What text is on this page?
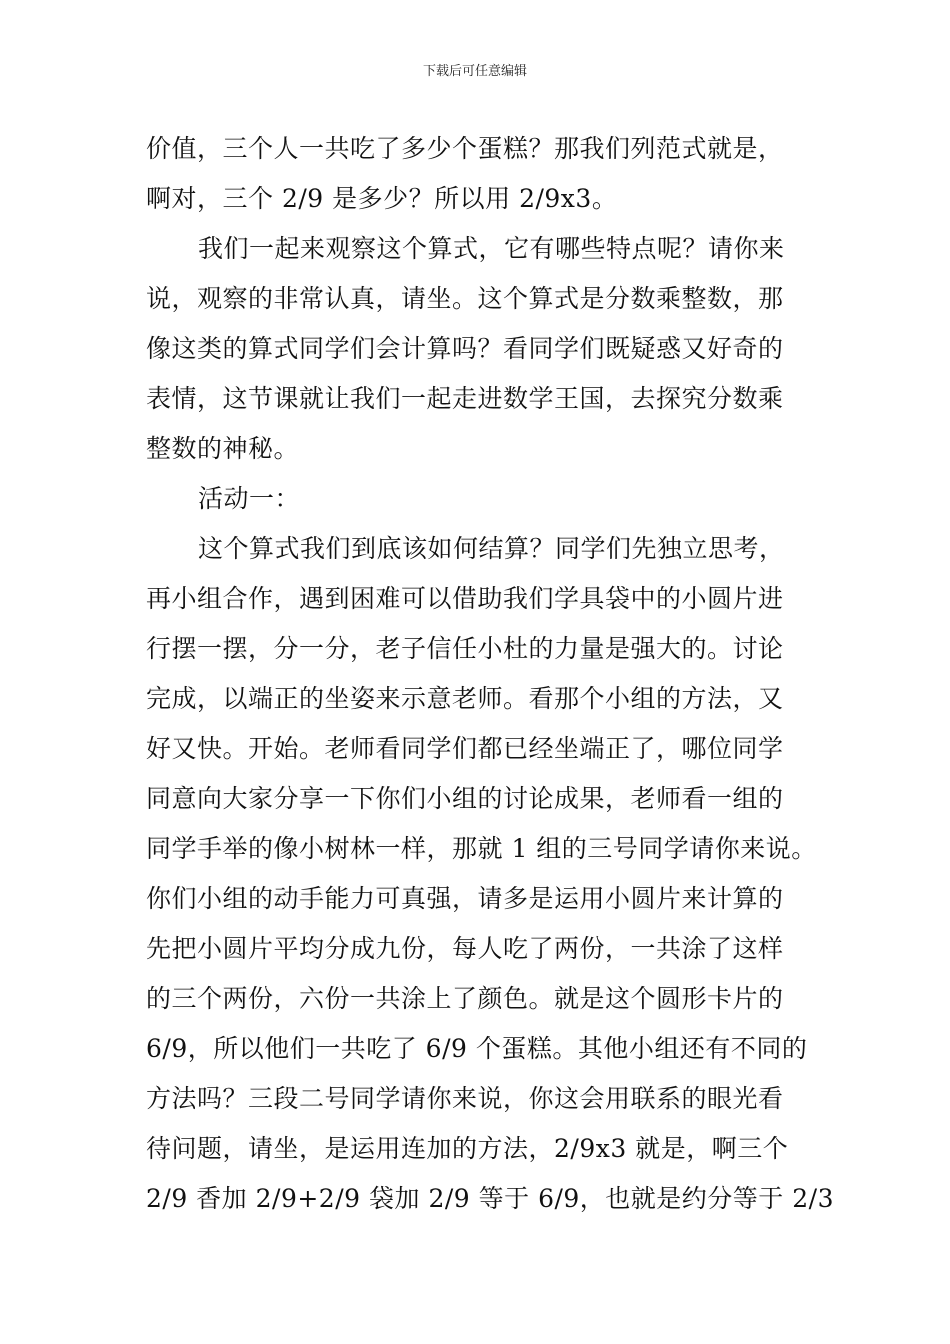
下载后可任意编辑

价值，三个人一共吃了多少个蛋糕？那我们列范式就是，
啊对，三个 2/9 是多少？所以用 2/9x3。

我们一起来观察这个算式，它有哪些特点呢？请你来
说，观察的非常认真，请坐。这个算式是分数乘整数，那
像这类的算式同学们会计算吗？看同学们既疑惑又好奇的
表情，这节课就让我们一起走进数学王国，去探究分数乘
整数的神秘。

活动一：

这个算式我们到底该如何结算？同学们先独立思考，
再小组合作，遇到困难可以借助我们学具袋中的小圆片进
行摆一摆，分一分，老子信任小杜的力量是强大的。讨论
完成，以端正的坐姿来示意老师。看那个小组的方法，又
好又快。开始。老师看同学们都已经坐端正了，哪位同学
同意向大家分享一下你们小组的讨论成果，老师看一组的
同学手举的像小树林一样，那就 1 组的三号同学请你来说。
你们小组的动手能力可真强，请多是运用小圆片来计算的
先把小圆片平均分成九份，每人吃了两份，一共涂了这样
的三个两份，六份一共涂上了颜色。就是这个圆形卡片的
6/9，所以他们一共吃了 6/9 个蛋糕。其他小组还有不同的
方法吗？三段二号同学请你来说，你这会用联系的眼光看
待问题，请坐，是运用连加的方法，2/9x3 就是，啊三个
2/9 香加 2/9+2/9 袋加 2/9 等于 6/9，也就是约分等于 2/3
